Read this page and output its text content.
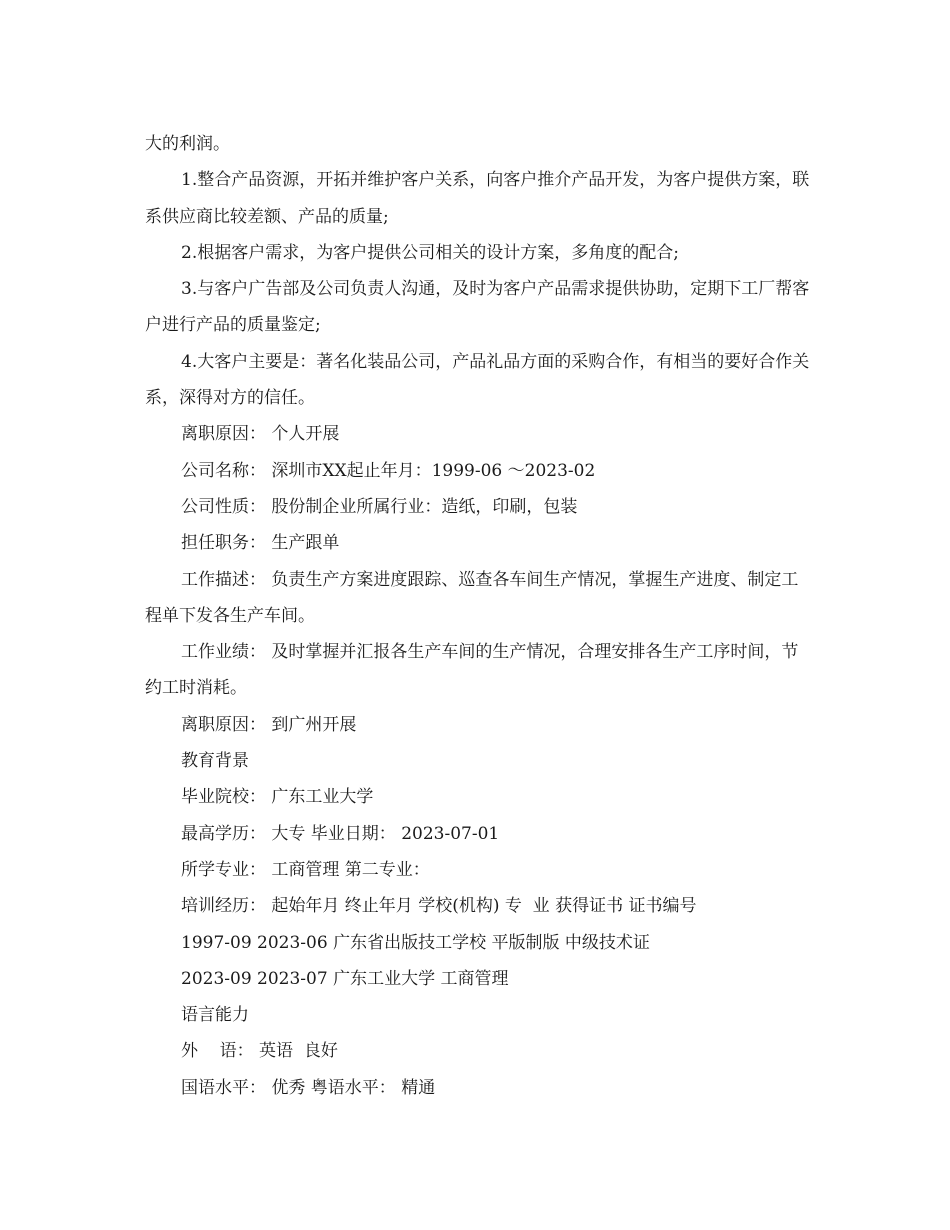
大的利润。

1.整合产品资源，开拓并维护客户关系，向客户推介产品开发，为客户提供方案，联系供应商比较差额、产品的质量;

2.根据客户需求，为客户提供公司相关的设计方案，多角度的配合;

3.与客户广告部及公司负责人沟通，及时为客户产品需求提供协助，定期下工厂帮客户进行产品的质量鉴定;

4.大客户主要是：著名化装品公司，产品礼品方面的采购合作，有相当的要好合作关系，深得对方的信任。

离职原因： 个人开展

公司名称： 深圳市XX起止年月：1999-06 ～2023-02

公司性质： 股份制企业所属行业：造纸，印刷，包装

担任职务： 生产跟单

工作描述： 负责生产方案进度跟踪、巡查各车间生产情况，掌握生产进度、制定工程单下发各生产车间。

工作业绩： 及时掌握并汇报各生产车间的生产情况，合理安排各生产工序时间，节约工时消耗。

离职原因： 到广州开展

教育背景

毕业院校： 广东工业大学

最高学历： 大专 毕业日期： 2023-07-01

所学专业： 工商管理 第二专业：

培训经历： 起始年月 终止年月 学校(机构) 专  业 获得证书 证书编号

1997-09 2023-06 广东省出版技工学校 平版制版 中级技术证

2023-09 2023-07 广东工业大学 工商管理

语言能力

外    语： 英语  良好

国语水平： 优秀 粤语水平： 精通
